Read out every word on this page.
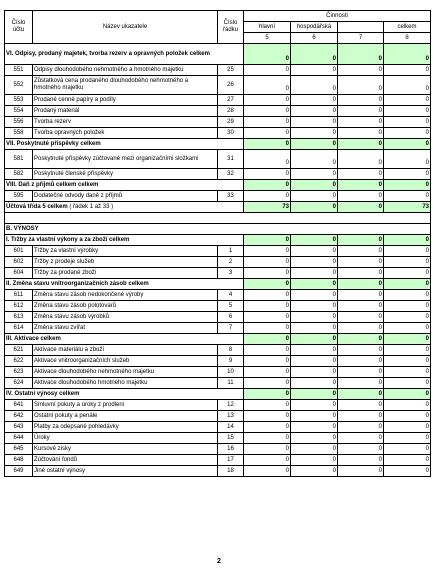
Číslo účtu	Název ukazatele	Číslo řádku	Činnosti			
			hlavní	hospodářská		celkem
			5	6	7	8
VI. Odpisy, prodaný majetek, tvorba rezerv a opravných položek celkem			0	0	0	0
551	Odpisy dlouhodobého nehmotného a hmotného majetku	25	0	0	0	0
552	Zůstatková cena prodaného dlouhodobého nehmotného a hmotného majetku	26	0	0	0	0
553	Prodané cenné papíry a podíly	27	0	0	0	0
554	Prodaný materiál	28	0	0	0	0
556	Tvorba rezerv	29	0	0	0	0
558	Tvorba opravných položek	30	0	0	0	0
VII. Poskytnuté příspěvky celkem			0	0	0	0
581	Poskytnuté příspěvky zúčtované mezi organizačními složkami	31	0	0	0	0
582	Poskytnuté členské příspěvky	32	0	0	0	0
VIII. Daň z příjmů celkem celkem			0	0	0	0
595	Dodatečné odvody daně z příjmů	33	0	0	0	0
Účtová třída 5 celkem ( řádek 1 až 33 )			73	0	0	73

B. VÝNOSY						
I. Tržby za vlastní výkony a za zboží celkem			0	0	0	0
601	Tržby za vlastní výrobky	1	0	0	0	0
602	Tržby z prodeje služeb	2	0	0	0	0
604	Tržby za prodané zboží	3	0	0	0	0
II. Změna stavu vnitroorganizačních zásob celkem			0	0	0	0
611	Změna stavu zásob nedokončené výroby	4	0	0	0	0
612	Změna stavu zásob polotovarů	5	0	0	0	0
613	Změna stavu zásob výrobků	6	0	0	0	0
614	Změna stavu zvířat	7	0	0	0	0
III. Aktivace celkem			0	0	0	0
621	Aktivace materiálu a zboží	8	0	0	0	0
622	Aktivace vnitroorganizačních služeb	9	0	0	0	0
623	Aktivace dlouhodobého nehmotného majetku	10	0	0	0	0
624	Aktivace dlouhodobého hmotného majetku	11	0	0	0	0
IV. Ostatní výnosy celkem			0	0	0	0
641	Smluvní pokuty a úroky z prodlení	12	0	0	0	0
642	Ostatní pokuty a penále	13	0	0	0	0
643	Platby za odepsané pohledávky	14	0	0	0	0
644	Úroky	15	0	0	0	0
645	Kursové zisky	16	0	0	0	0
648	Zúčtování fondů	17	0	0	0	0
649	Jiné ostatní výnosy	18	0	0	0	0
2
